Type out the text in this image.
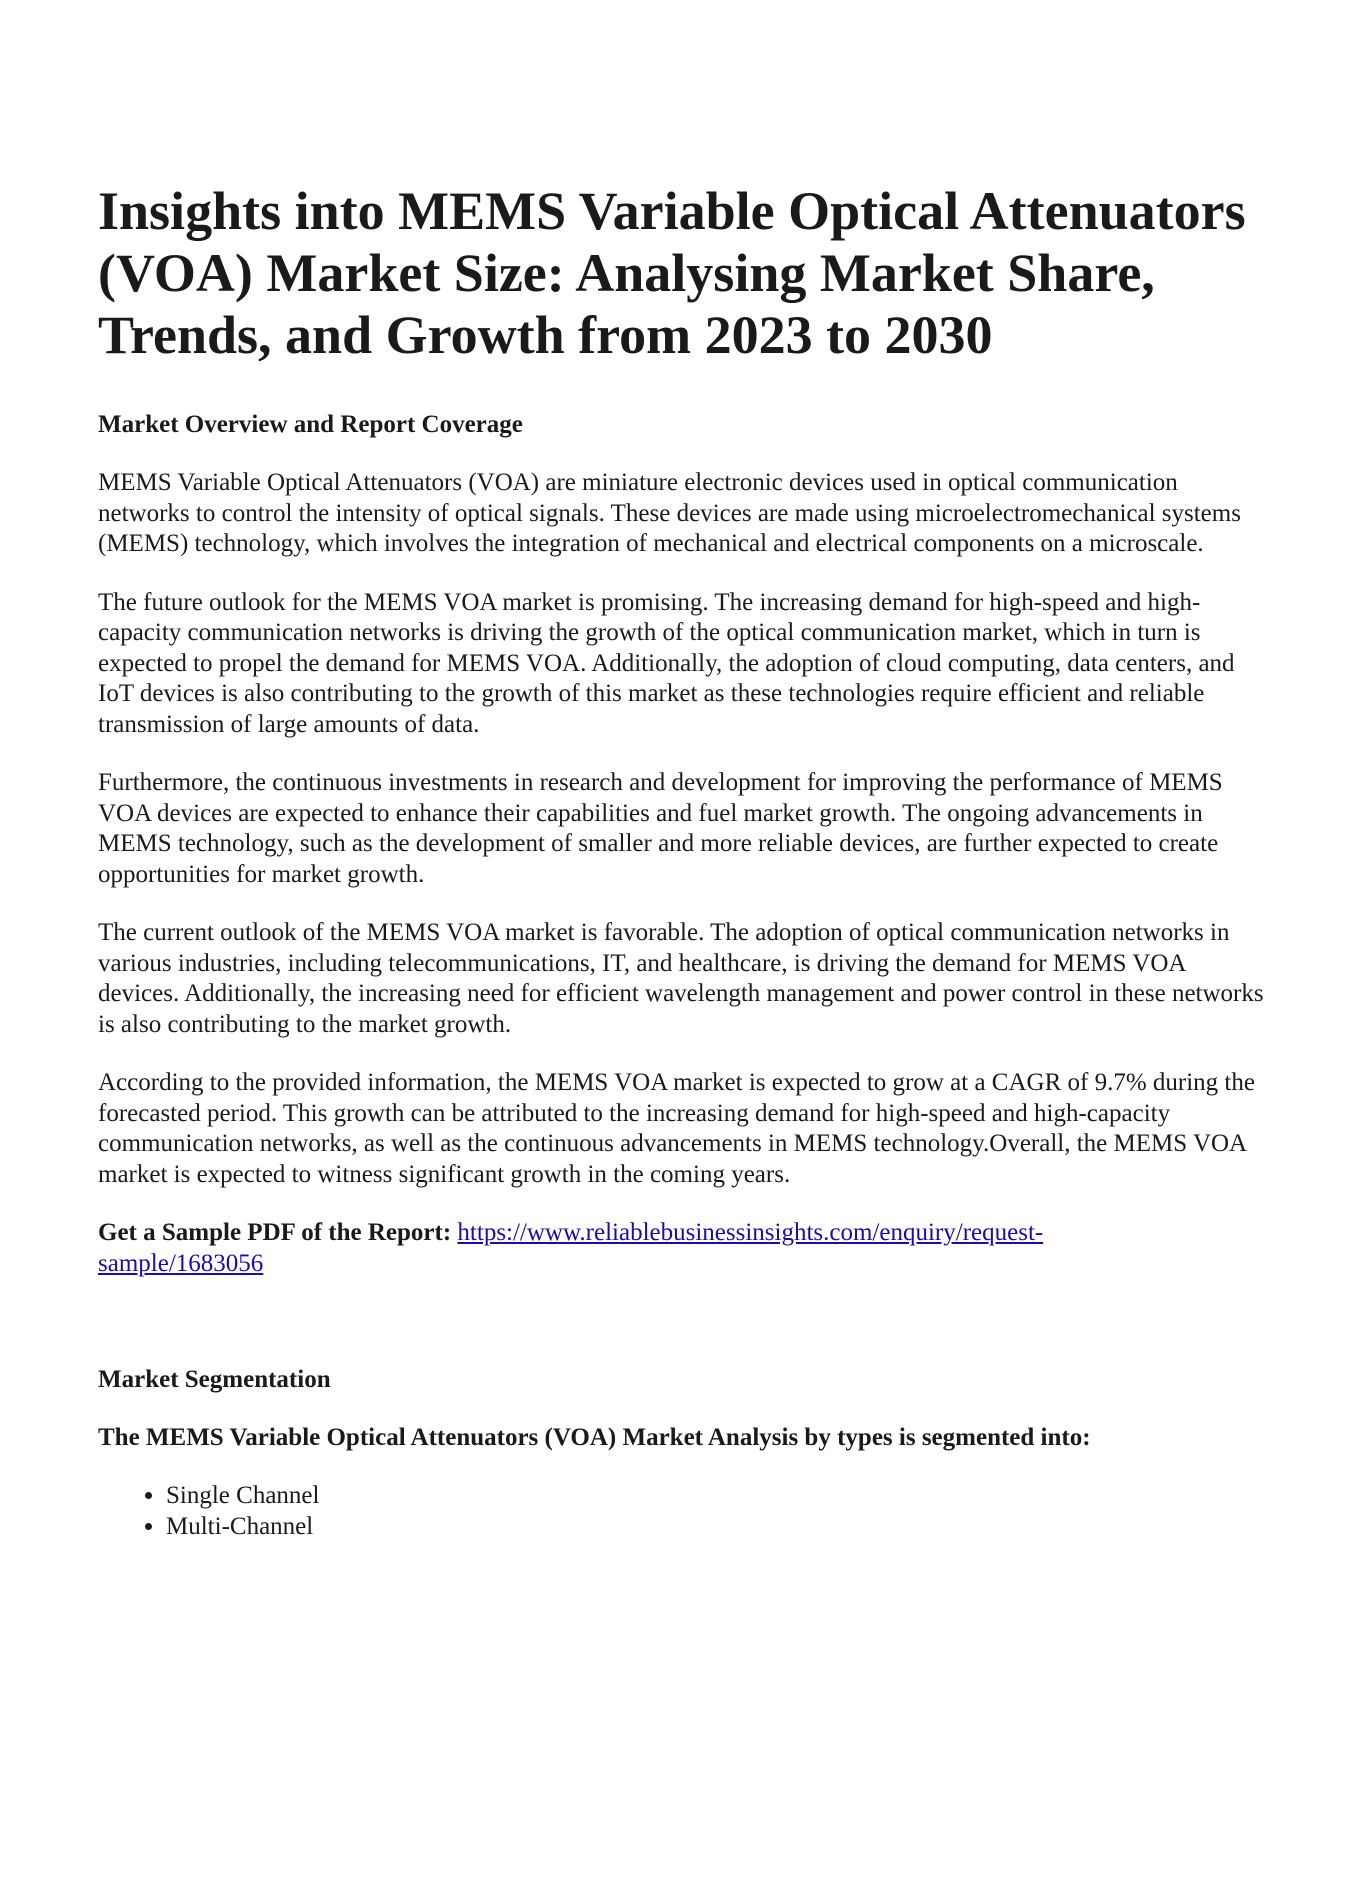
Insights into MEMS Variable Optical Attenuators (VOA) Market Size: Analysing Market Share, Trends, and Growth from 2023 to 2030
Market Overview and Report Coverage

MEMS Variable Optical Attenuators (VOA) are miniature electronic devices used in optical communication networks to control the intensity of optical signals. These devices are made using microelectromechanical systems (MEMS) technology, which involves the integration of mechanical and electrical components on a microscale.

The future outlook for the MEMS VOA market is promising. The increasing demand for high-speed and high-capacity communication networks is driving the growth of the optical communication market, which in turn is expected to propel the demand for MEMS VOA. Additionally, the adoption of cloud computing, data centers, and IoT devices is also contributing to the growth of this market as these technologies require efficient and reliable transmission of large amounts of data.

Furthermore, the continuous investments in research and development for improving the performance of MEMS VOA devices are expected to enhance their capabilities and fuel market growth. The ongoing advancements in MEMS technology, such as the development of smaller and more reliable devices, are further expected to create opportunities for market growth.

The current outlook of the MEMS VOA market is favorable. The adoption of optical communication networks in various industries, including telecommunications, IT, and healthcare, is driving the demand for MEMS VOA devices. Additionally, the increasing need for efficient wavelength management and power control in these networks is also contributing to the market growth.

According to the provided information, the MEMS VOA market is expected to grow at a CAGR of 9.7% during the forecasted period. This growth can be attributed to the increasing demand for high-speed and high-capacity communication networks, as well as the continuous advancements in MEMS technology.Overall, the MEMS VOA market is expected to witness significant growth in the coming years.

Get a Sample PDF of the Report: https://www.reliablebusinessinsights.com/enquiry/request-sample/1683056
Market Segmentation
The MEMS Variable Optical Attenuators (VOA) Market Analysis by types is segmented into:
• Single Channel
• Multi-Channel
